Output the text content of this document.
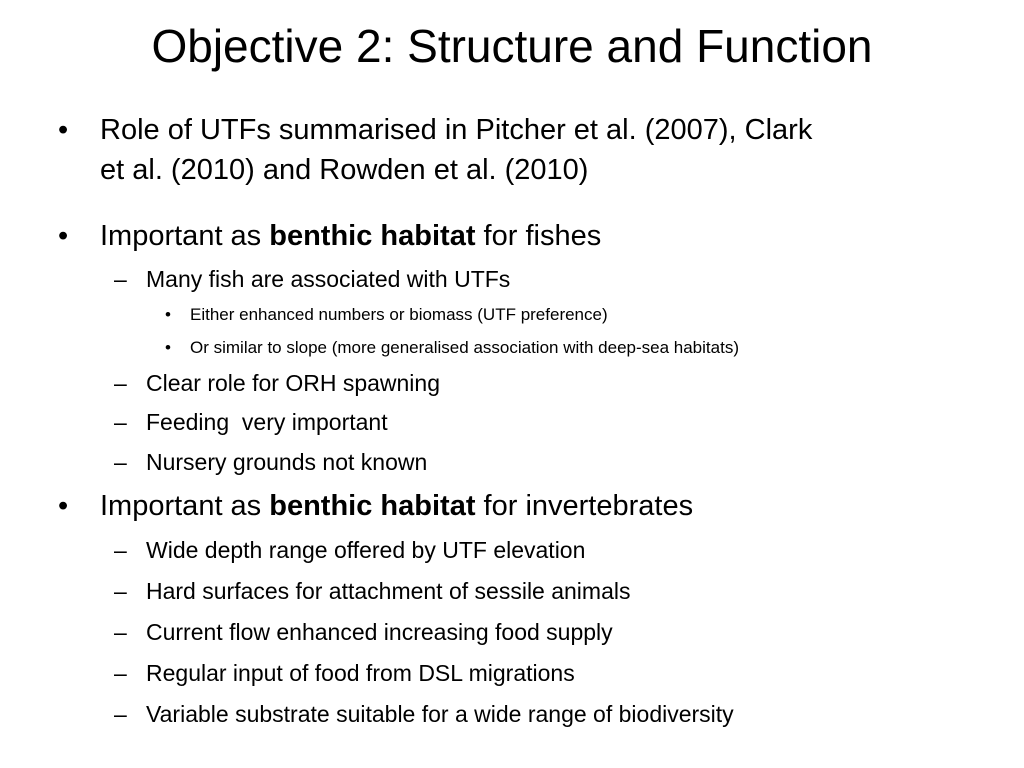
Objective 2: Structure and Function
• Role of UTFs summarised in Pitcher et al. (2007), Clark
et al. (2010) and Rowden et al. (2010)
• Important as benthic habitat for fishes
– Many fish are associated with UTFs
• Either enhanced numbers or biomass (UTF preference)
• Or similar to slope (more generalised association with deep-sea habitats)
– Clear role for ORH spawning
– Feeding  very important
– Nursery grounds not known
• Important as benthic habitat for invertebrates
– Wide depth range offered by UTF elevation
– Hard surfaces for attachment of sessile animals
– Current flow enhanced increasing food supply
– Regular input of food from DSL migrations
– Variable substrate suitable for a wide range of biodiversity
